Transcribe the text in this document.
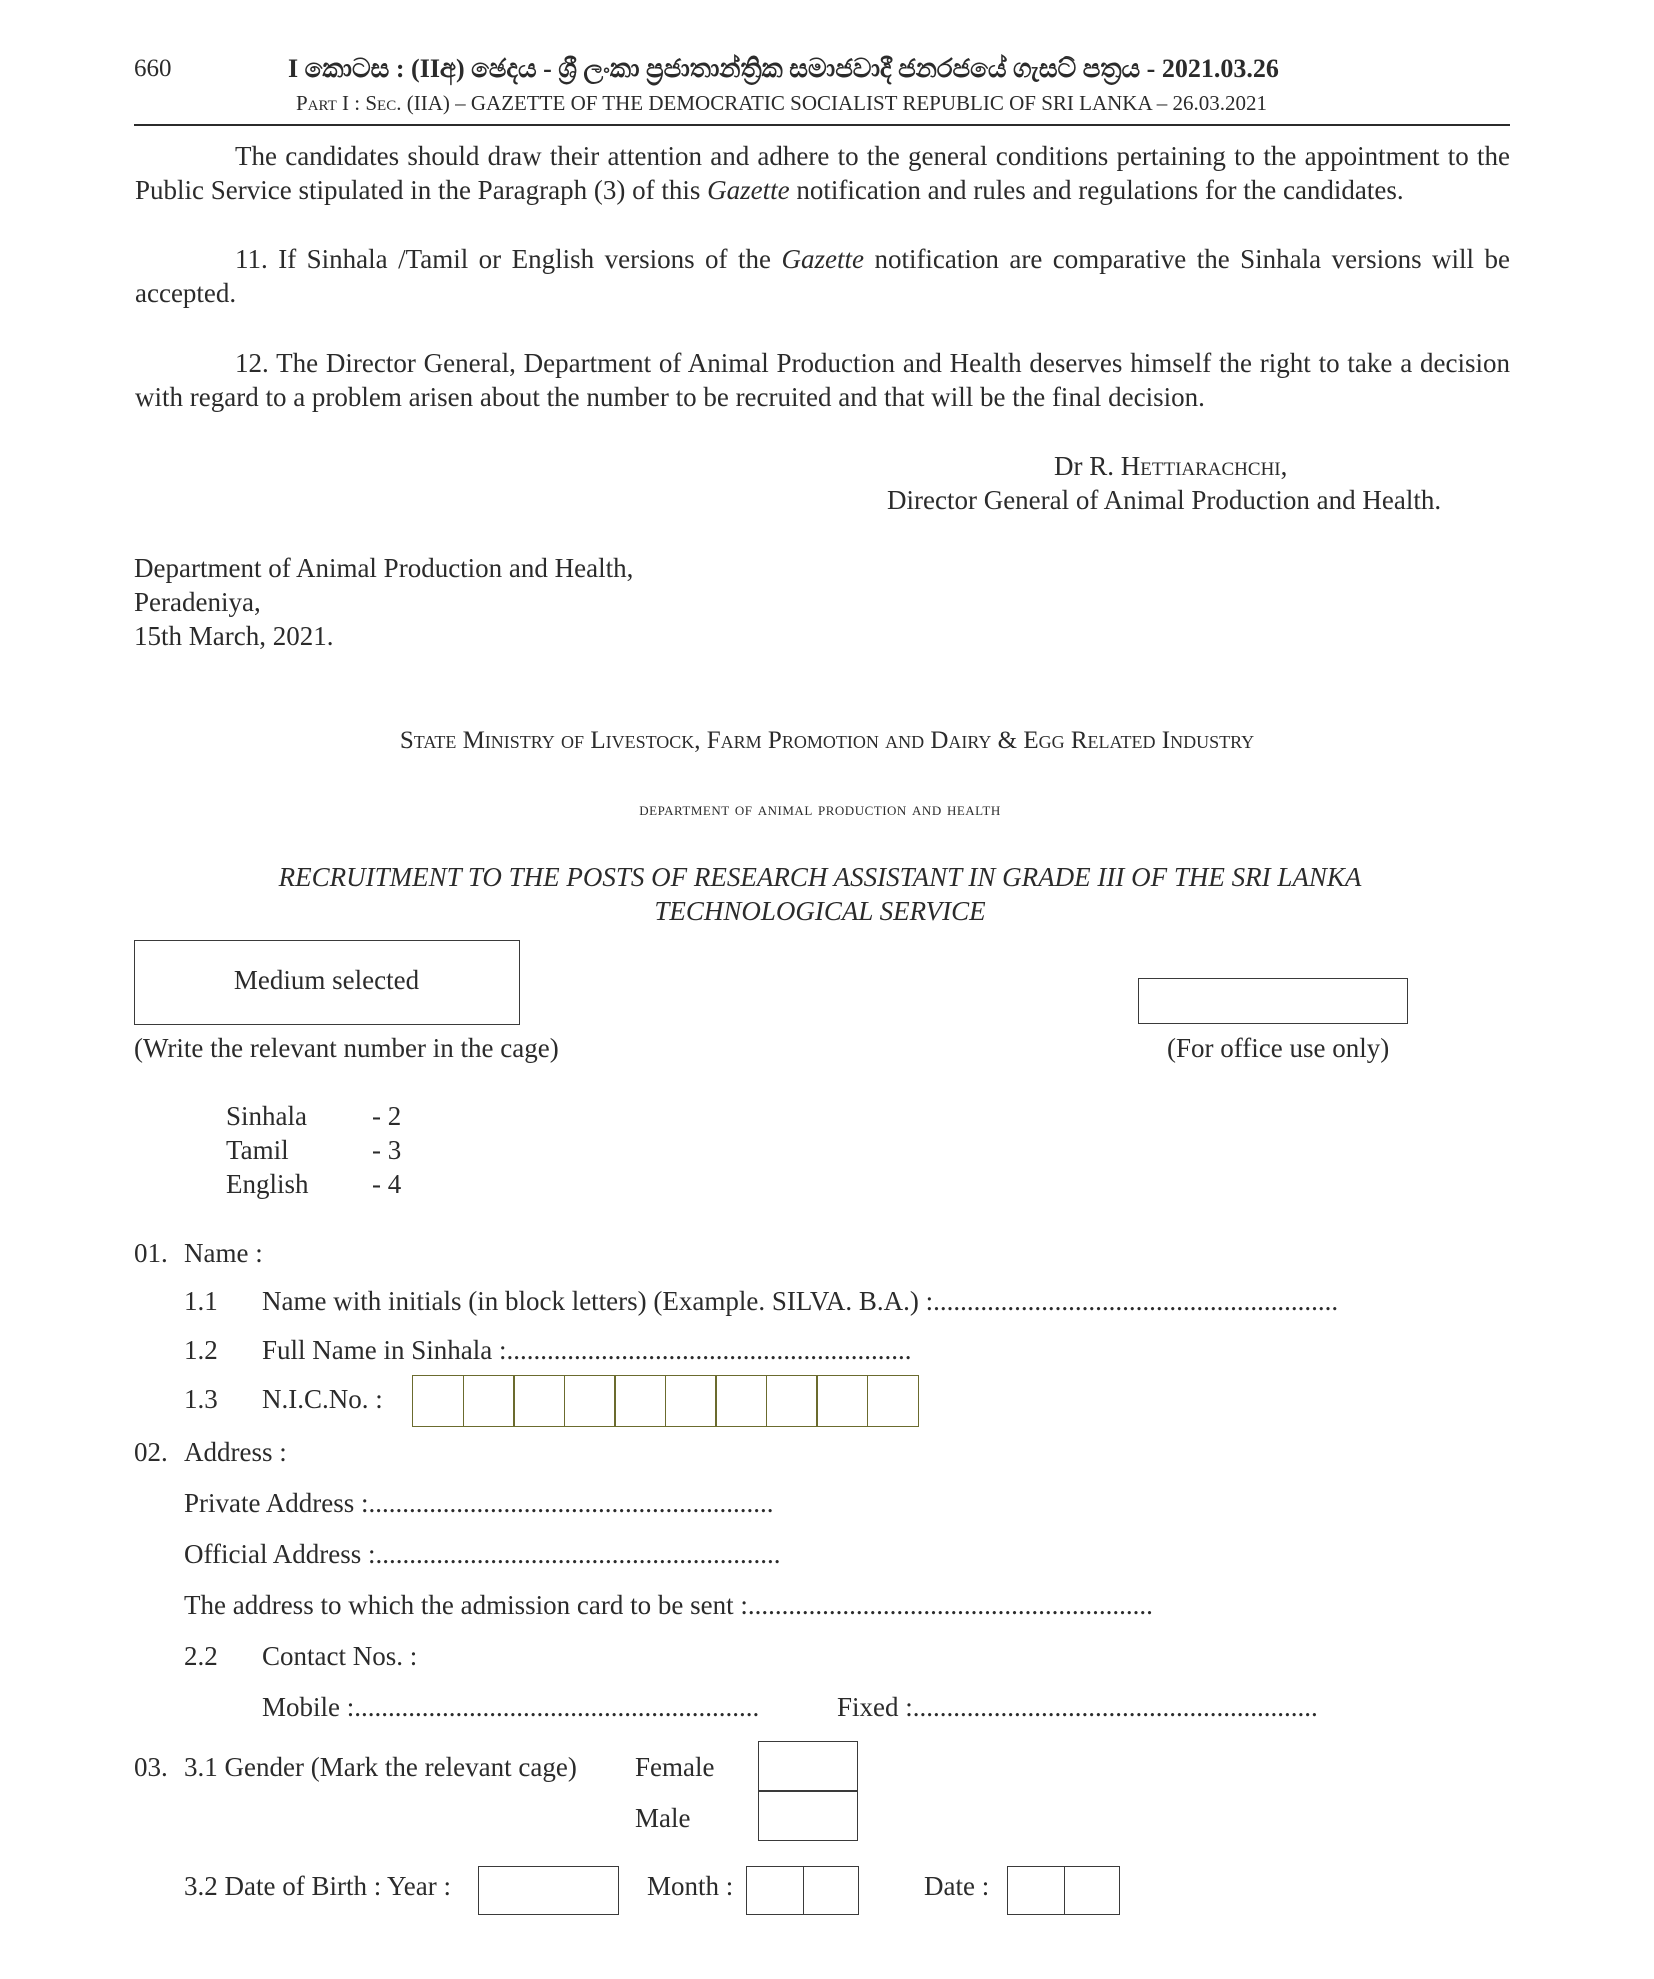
660	I කොටස : (IIඅ) ඡෙදය - ශ්‍රී ලංකා ප්‍රජාතාන්ත්‍රික සමාජවාදී ජනරජයේ ගැසට් පත්‍රය - 2021.03.26
Part I : Sec. (IIA) – GAZETTE OF THE DEMOCRATIC SOCIALIST REPUBLIC OF SRI LANKA – 26.03.2021
The candidates should draw their attention and adhere to the general conditions pertaining to the appointment to the Public Service stipulated in the Paragraph (3) of this Gazette notification and rules and regulations for the candidates.
11. If Sinhala /Tamil or English versions of the Gazette notification are comparative the Sinhala versions will be accepted.
12. The Director General, Department of Animal Production and Health deserves himself the right to take a decision with regard to a problem arisen about the number to be recruited and that will be the final decision.
Dr R. Hettiarachchi,
Director General of Animal Production and Health.
Department of Animal Production and Health,
Peradeniya,
15th March, 2021.
State Ministry of Livestock, Farm Promotion and Dairy & Egg Related Industry
department of animal production and health
RECRUITMENT TO THE POSTS OF RESEARCH ASSISTANT IN GRADE III OF THE SRI LANKA
TECHNOLOGICAL SERVICE
Medium selected
(Write the relevant number in the cage)	(For office use only)
Sinhala - 2
Tamil	- 3
English - 4
01. Name :
1.1 Name with initials (in block letters) (Example. SILVA. B.A.) :............................................................
1.2 Full Name in Sinhala :............................................................
1.3 N.I.C.No. :
02. Address :
Private Address :............................................................
Official Address :............................................................
The address to which the admission card to be sent :............................................................
2.2 Contact Nos. :
Mobile :............................................................	Fixed :............................................................
03. 3.1 Gender (Mark the relevant cage) Female
Male
3.2 Date of Birth : Year :	Month :	Date :
